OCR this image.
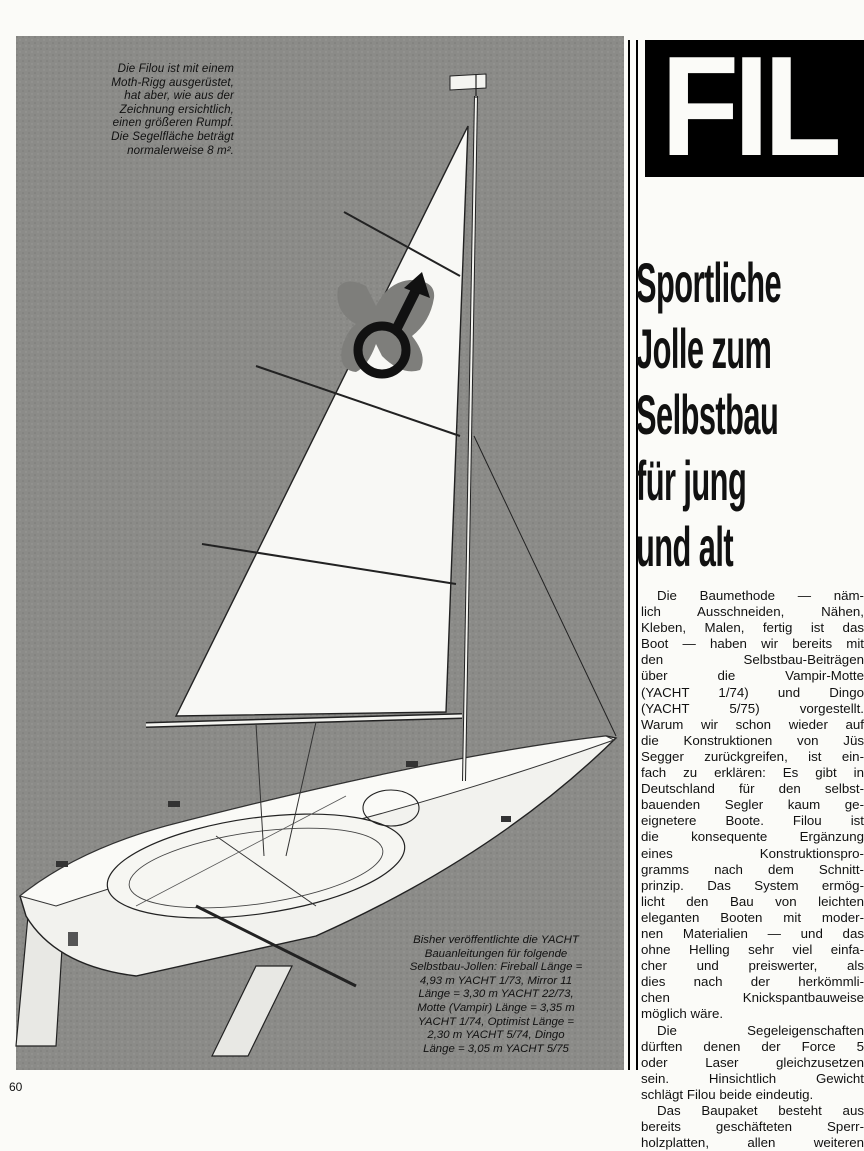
Die Filou ist mit einem
Moth-Rigg ausgerüstet,
hat aber, wie aus der
Zeichnung ersichtlich,
einen größeren Rumpf.
Die Segelfläche beträgt
normalerweise 8 m².
Bisher veröffentlichte die YACHT
Bauanleitungen für folgende
Selbstbau-Jollen: Fireball Länge =
4,93 m YACHT 1/73, Mirror 11
Länge = 3,30 m YACHT 22/73,
Motte (Vampir) Länge = 3,35 m
YACHT 1/74, Optimist Länge =
2,30 m YACHT 5/74, Dingo
Länge = 3,05 m YACHT 5/75
FIL
Sportliche
Jolle zum
Selbstbau
für jung
und alt
Die Baumethode — näm-
lich Ausschneiden, Nähen,
Kleben, Malen, fertig ist das
Boot — haben wir bereits mit
den Selbstbau-Beiträgen
über die Vampir-Motte
(YACHT 1/74) und Dingo
(YACHT 5/75) vorgestellt.
Warum wir schon wieder auf
die Konstruktionen von Jüs
Segger zurückgreifen, ist ein-
fach zu erklären: Es gibt in
Deutschland für den selbst-
bauenden Segler kaum ge-
eignetere Boote. Filou ist
die konsequente Ergänzung
eines Konstruktionspro-
gramms nach dem Schnitt-
prinzip. Das System ermög-
licht den Bau von leichten
eleganten Booten mit moder-
nen Materialien — und das
ohne Helling sehr viel einfa-
cher und preiswerter, als
dies nach der herkömmli-
chen Knickspantbauweise
möglich wäre.
Die Segeleigenschaften
dürften denen der Force 5
oder Laser gleichzusetzen
sein. Hinsichtlich Gewicht
schlägt Filou beide eindeutig.
Das Baupaket besteht aus
bereits geschäfteten Sperr-
holzplatten, allen weiteren
60
